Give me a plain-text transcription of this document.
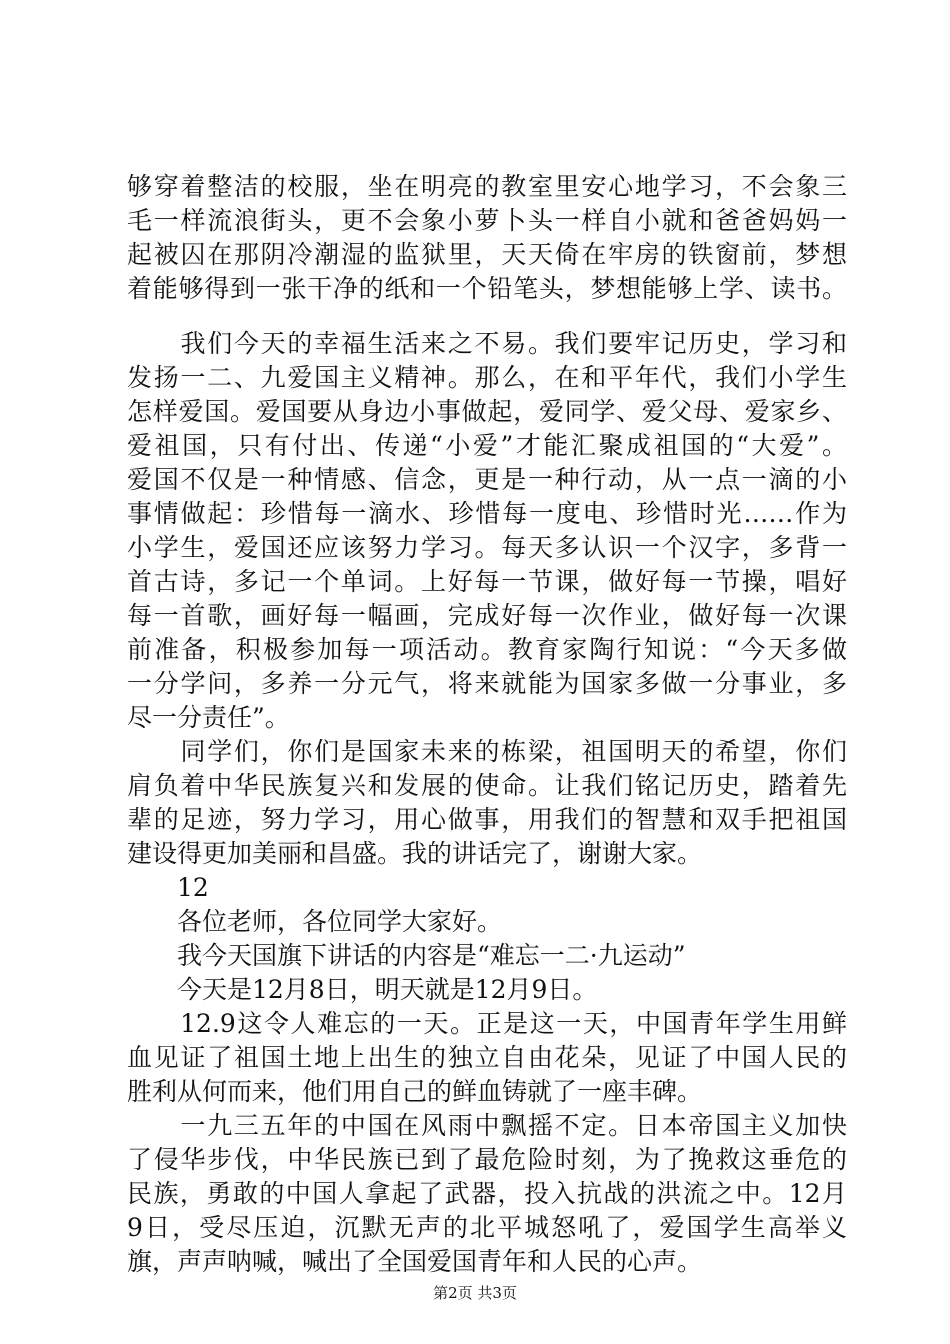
够穿着整洁的校服，坐在明亮的教室里安心地学习，不会象三
毛一样流浪街头，更不会象小萝卜头一样自小就和爸爸妈妈一
起被囚在那阴冷潮湿的监狱里，天天倚在牢房的铁窗前，梦想
着能够得到一张干净的纸和一个铅笔头，梦想能够上学、读书。
　　我们今天的幸福生活来之不易。我们要牢记历史，学习和
发扬一二、九爱国主义精神。那么，在和平年代，我们小学生
怎样爱国。爱国要从身边小事做起，爱同学、爱父母、爱家乡、
爱祖国，只有付出、传递“小爱”才能汇聚成祖国的“大爱”。
爱国不仅是一种情感、信念，更是一种行动，从一点一滴的小
事情做起：珍惜每一滴水、珍惜每一度电、珍惜时光……作为
小学生，爱国还应该努力学习。每天多认识一个汉字，多背一
首古诗，多记一个单词。上好每一节课，做好每一节操，唱好
每一首歌，画好每一幅画，完成好每一次作业，做好每一次课
前准备，积极参加每一项活动。教育家陶行知说：“今天多做
一分学问，多养一分元气，将来就能为国家多做一分事业，多
尽一分责任”。
　　同学们，你们是国家未来的栋梁，祖国明天的希望，你们
肩负着中华民族复兴和发展的使命。让我们铭记历史，踏着先
辈的足迹，努力学习，用心做事，用我们的智慧和双手把祖国
建设得更加美丽和昌盛。我的讲话完了，谢谢大家。
　　12
　　各位老师，各位同学大家好。
　　我今天国旗下讲话的内容是“难忘一二·九运动”
　　今天是12月8日，明天就是12月9日。
　　12.9这令人难忘的一天。正是这一天，中国青年学生用鲜
血见证了祖国土地上出生的独立自由花朵，见证了中国人民的
胜利从何而来，他们用自己的鲜血铸就了一座丰碑。
　　一九三五年的中国在风雨中飘摇不定。日本帝国主义加快
了侵华步伐，中华民族已到了最危险时刻，为了挽救这垂危的
民族，勇敢的中国人拿起了武器，投入抗战的洪流之中。12月
9日，受尽压迫，沉默无声的北平城怒吼了，爱国学生高举义
旗，声声呐喊，喊出了全国爱国青年和人民的心声。
第2页 共3页
